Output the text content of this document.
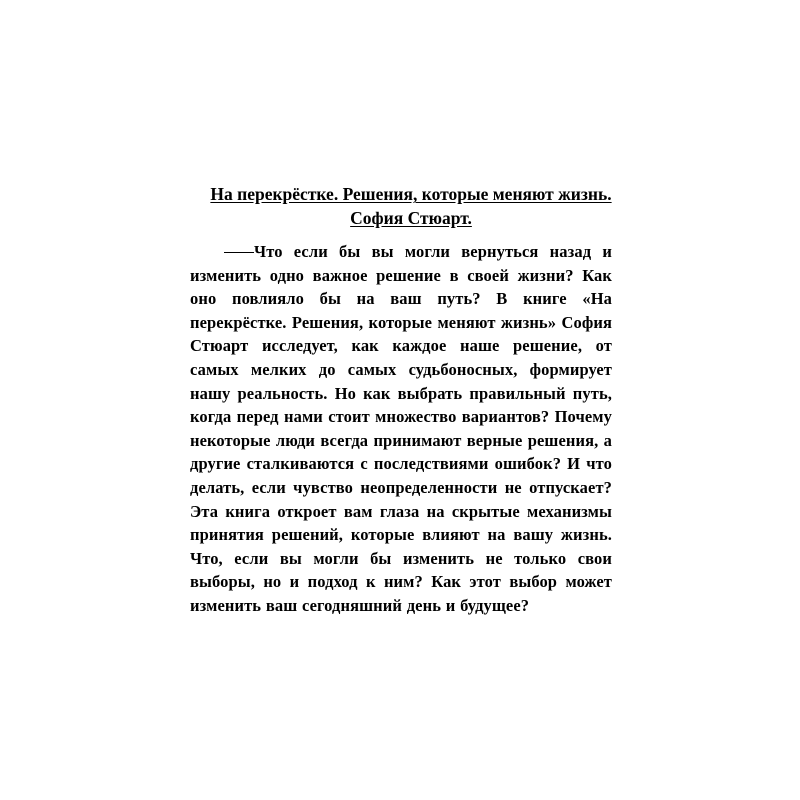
На перекрёстке. Решения, которые меняют жизнь. София Стюарт.

Что если бы вы могли вернуться назад и изменить одно важное решение в своей жизни? Как оно повлияло бы на ваш путь? В книге «На перекрёстке. Решения, которые меняют жизнь» София Стюарт исследует, как каждое наше решение, от самых мелких до самых судьбоносных, формирует нашу реальность. Но как выбрать правильный путь, когда перед нами стоит множество вариантов? Почему некоторые люди всегда принимают верные решения, а другие сталкиваются с последствиями ошибок? И что делать, если чувство неопределенности не отпускает? Эта книга откроет вам глаза на скрытые механизмы принятия решений, которые влияют на вашу жизнь. Что, если вы могли бы изменить не только свои выборы, но и подход к ним? Как этот выбор может изменить ваш сегодняшний день и будущее?
